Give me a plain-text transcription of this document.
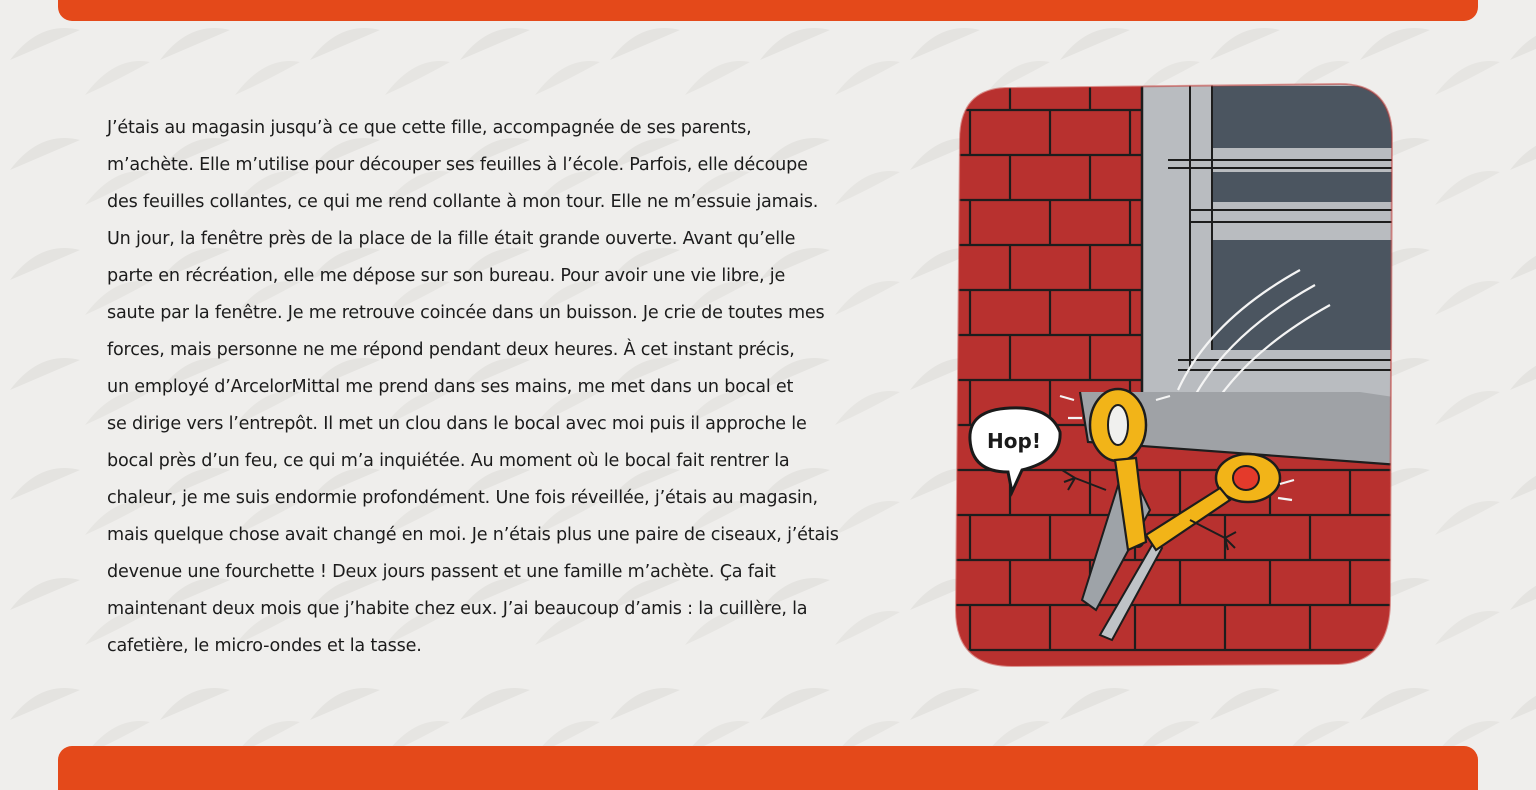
J’étais au magasin jusqu’à ce que cette fille, accompagnée de ses parents,
m’achète. Elle m’utilise pour découper ses feuilles à l’école. Parfois, elle découpe
des feuilles collantes, ce qui me rend collante à mon tour. Elle ne m’essuie jamais.
Un jour, la fenêtre près de la place de la fille était grande ouverte. Avant qu’elle
parte en récréation, elle me dépose sur son bureau. Pour avoir une vie libre, je
saute par la fenêtre. Je me retrouve coincée dans un buisson. Je crie de toutes mes
forces, mais personne ne me répond pendant deux heures. À cet instant précis,
un employé d’ArcelorMittal me prend dans ses mains, me met dans un bocal et
se dirige vers l’entrepôt. Il met un clou dans le bocal avec moi puis il approche le
bocal près d’un feu, ce qui m’a inquiétée. Au moment où le bocal fait rentrer la
chaleur, je me suis endormie profondément. Une fois réveillée, j’étais au magasin,
mais quelque chose avait changé en moi. Je n’étais plus une paire de ciseaux, j’étais
devenue une fourchette ! Deux jours passent et une famille m’achète. Ça fait
maintenant deux mois que j’habite chez eux. J’ai beaucoup d’amis : la cuillère, la
cafetière, le micro-ondes et la tasse.
Hop!
